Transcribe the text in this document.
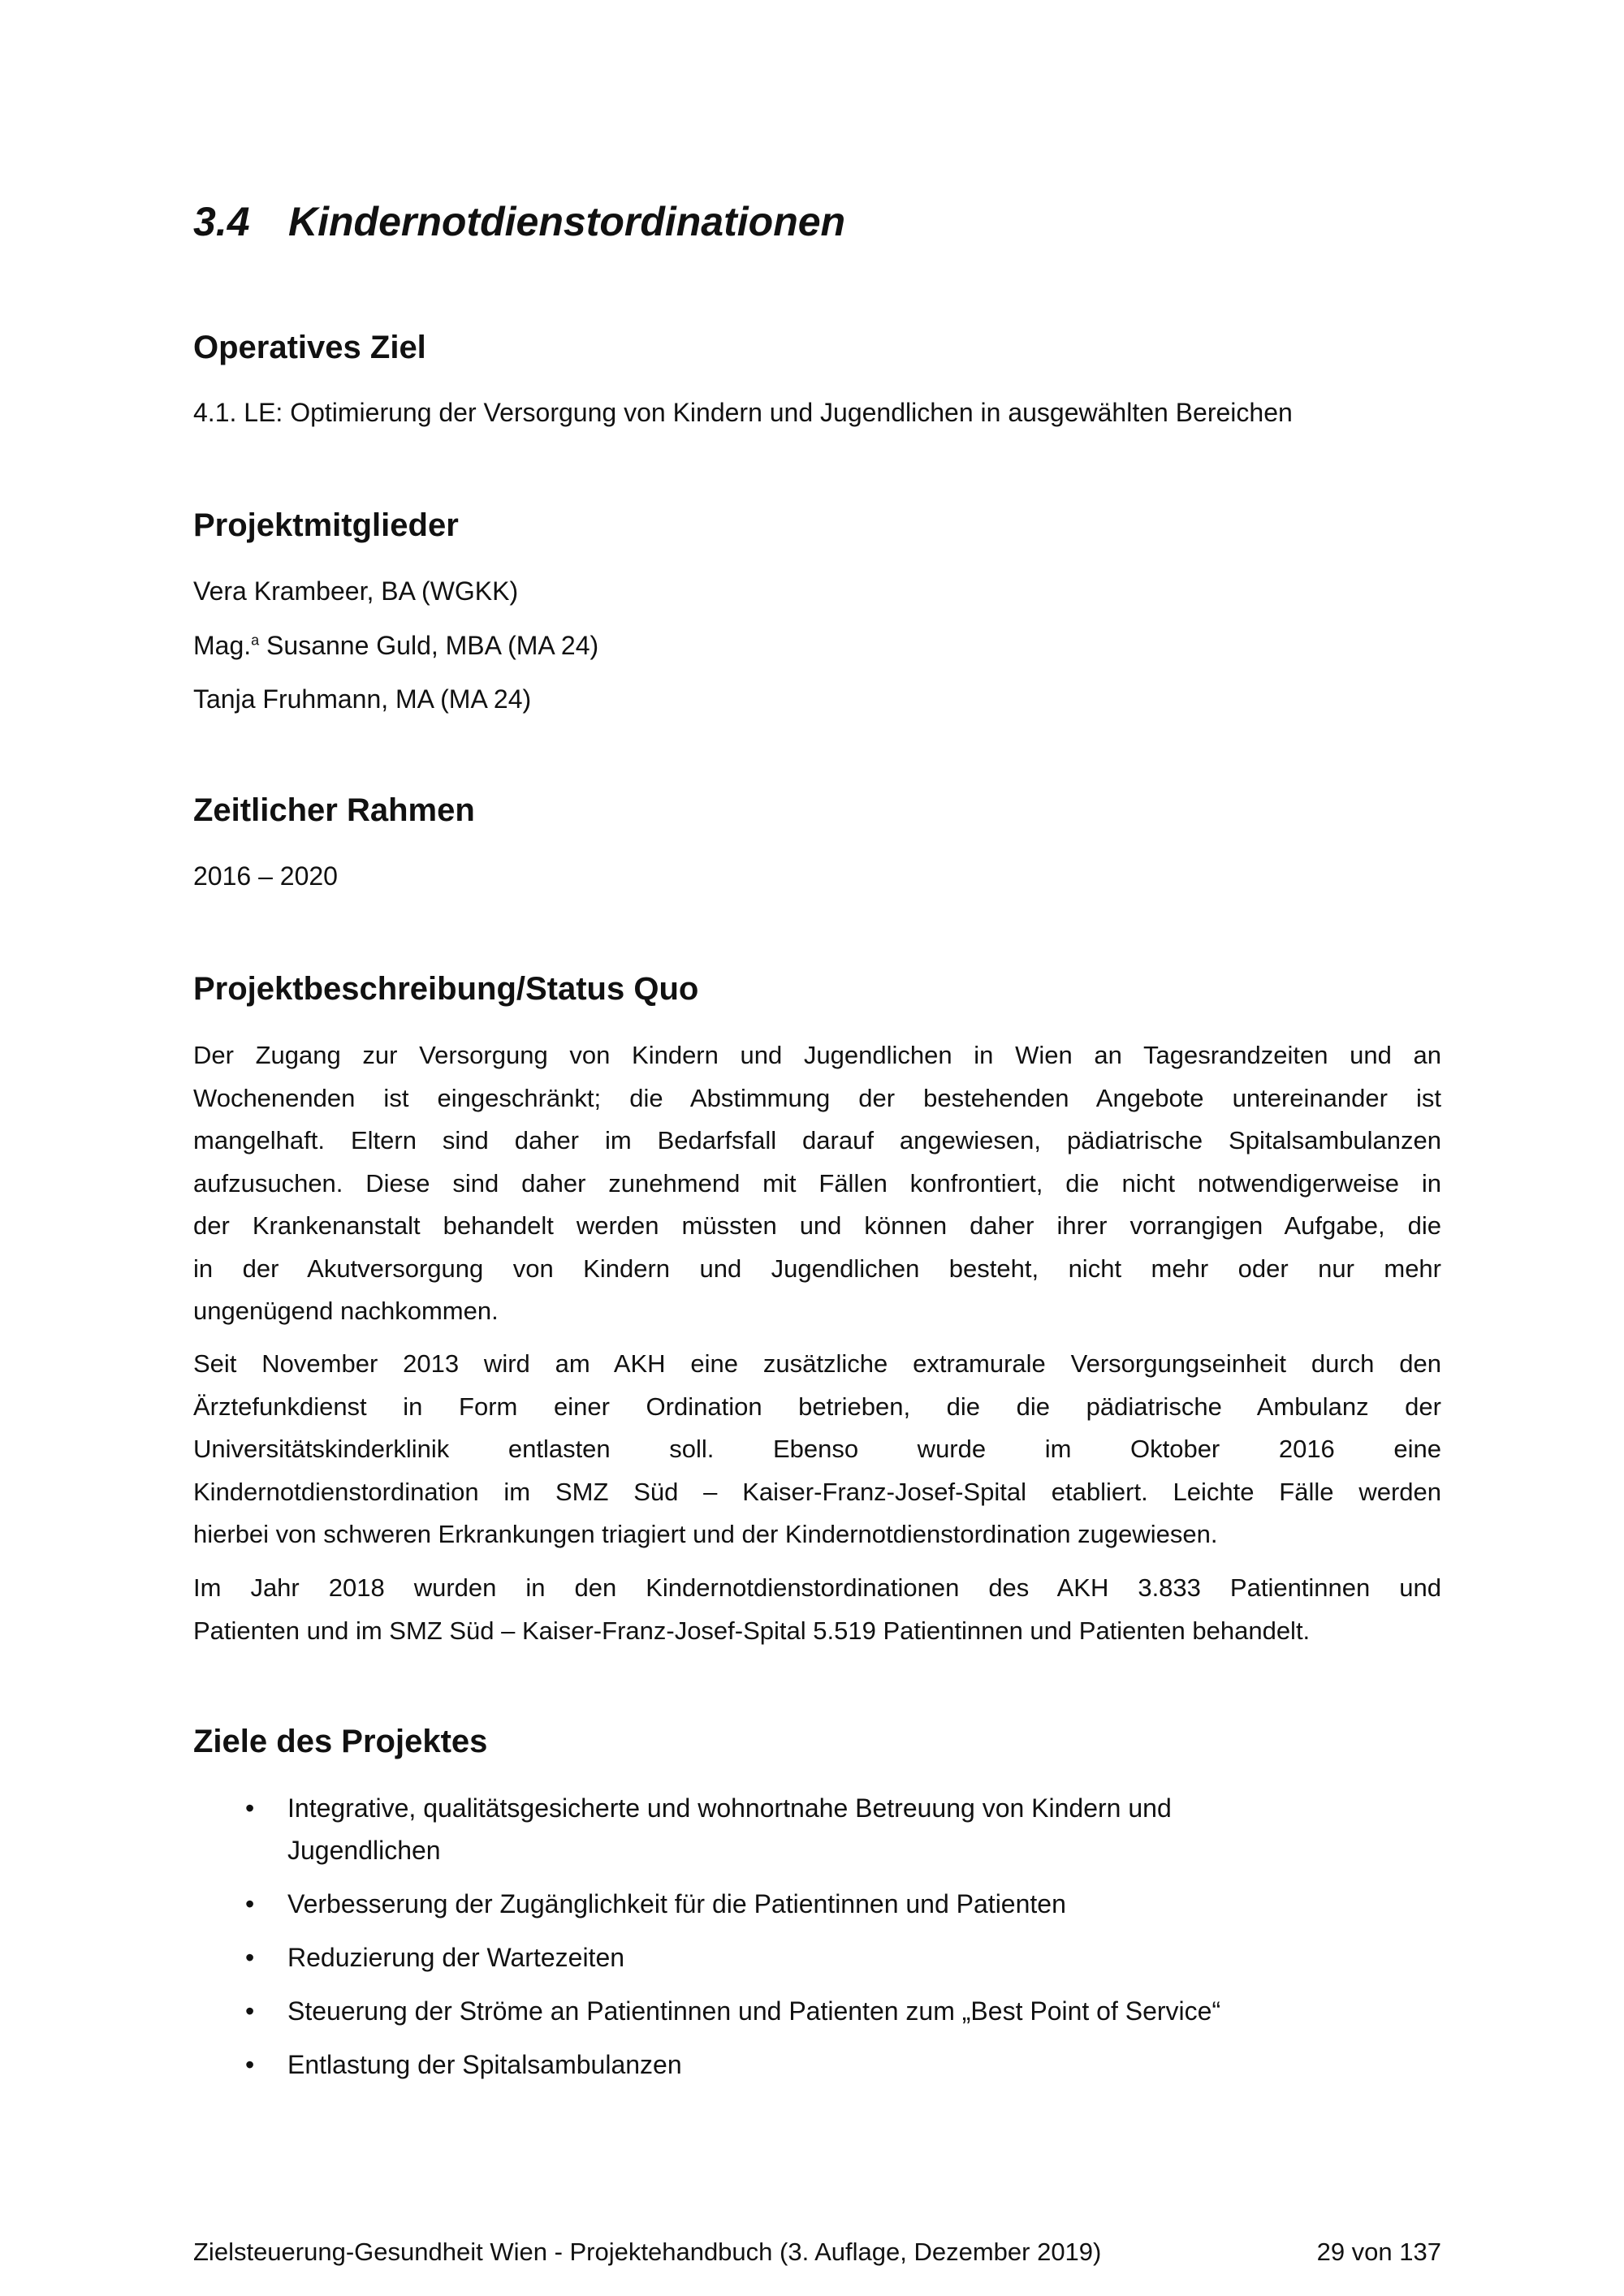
3.4 Kindernotdienstordinationen
Operatives Ziel
4.1. LE: Optimierung der Versorgung von Kindern und Jugendlichen in ausgewählten Bereichen
Projektmitglieder
Vera Krambeer, BA (WGKK)
Mag.$^a$ Susanne Guld, MBA (MA 24)
Tanja Fruhmann, MA (MA 24)
Zeitlicher Rahmen
2016 – 2020
Projektbeschreibung/Status Quo
Der Zugang zur Versorgung von Kindern und Jugendlichen in Wien an Tagesrandzeiten und an
Wochenenden ist eingeschränkt; die Abstimmung der bestehenden Angebote untereinander ist
mangelhaft. Eltern sind daher im Bedarfsfall darauf angewiesen, pädiatrische Spitalsambulanzen
aufzusuchen. Diese sind daher zunehmend mit Fällen konfrontiert, die nicht notwendigerweise in
der Krankenanstalt behandelt werden müssten und können daher ihrer vorrangigen Aufgabe, die
in der Akutversorgung von Kindern und Jugendlichen besteht, nicht mehr oder nur mehr
ungenügend nachkommen.
Seit November 2013 wird am AKH eine zusätzliche extramurale Versorgungseinheit durch den
Ärztefunkdienst in Form einer Ordination betrieben, die die pädiatrische Ambulanz der
Universitätskinderklinik entlasten soll. Ebenso wurde im Oktober 2016 eine
Kindernotdienstordination im SMZ Süd – Kaiser-Franz-Josef-Spital etabliert. Leichte Fälle werden
hierbei von schweren Erkrankungen triagiert und der Kindernotdienstordination zugewiesen.
Im Jahr 2018 wurden in den Kindernotdienstordinationen des AKH 3.833 Patientinnen und
Patienten und im SMZ Süd – Kaiser-Franz-Josef-Spital 5.519 Patientinnen und Patienten behandelt.
Ziele des Projektes
• Integrative, qualitätsgesicherte und wohnortnahe Betreuung von Kindern und Jugendlichen
• Verbesserung der Zugänglichkeit für die Patientinnen und Patienten
• Reduzierung der Wartezeiten
• Steuerung der Ströme an Patientinnen und Patienten zum „Best Point of Service“
• Entlastung der Spitalsambulanzen
Zielsteuerung-Gesundheit Wien - Projektehandbuch (3. Auflage, Dezember 2019)	29 von 137
